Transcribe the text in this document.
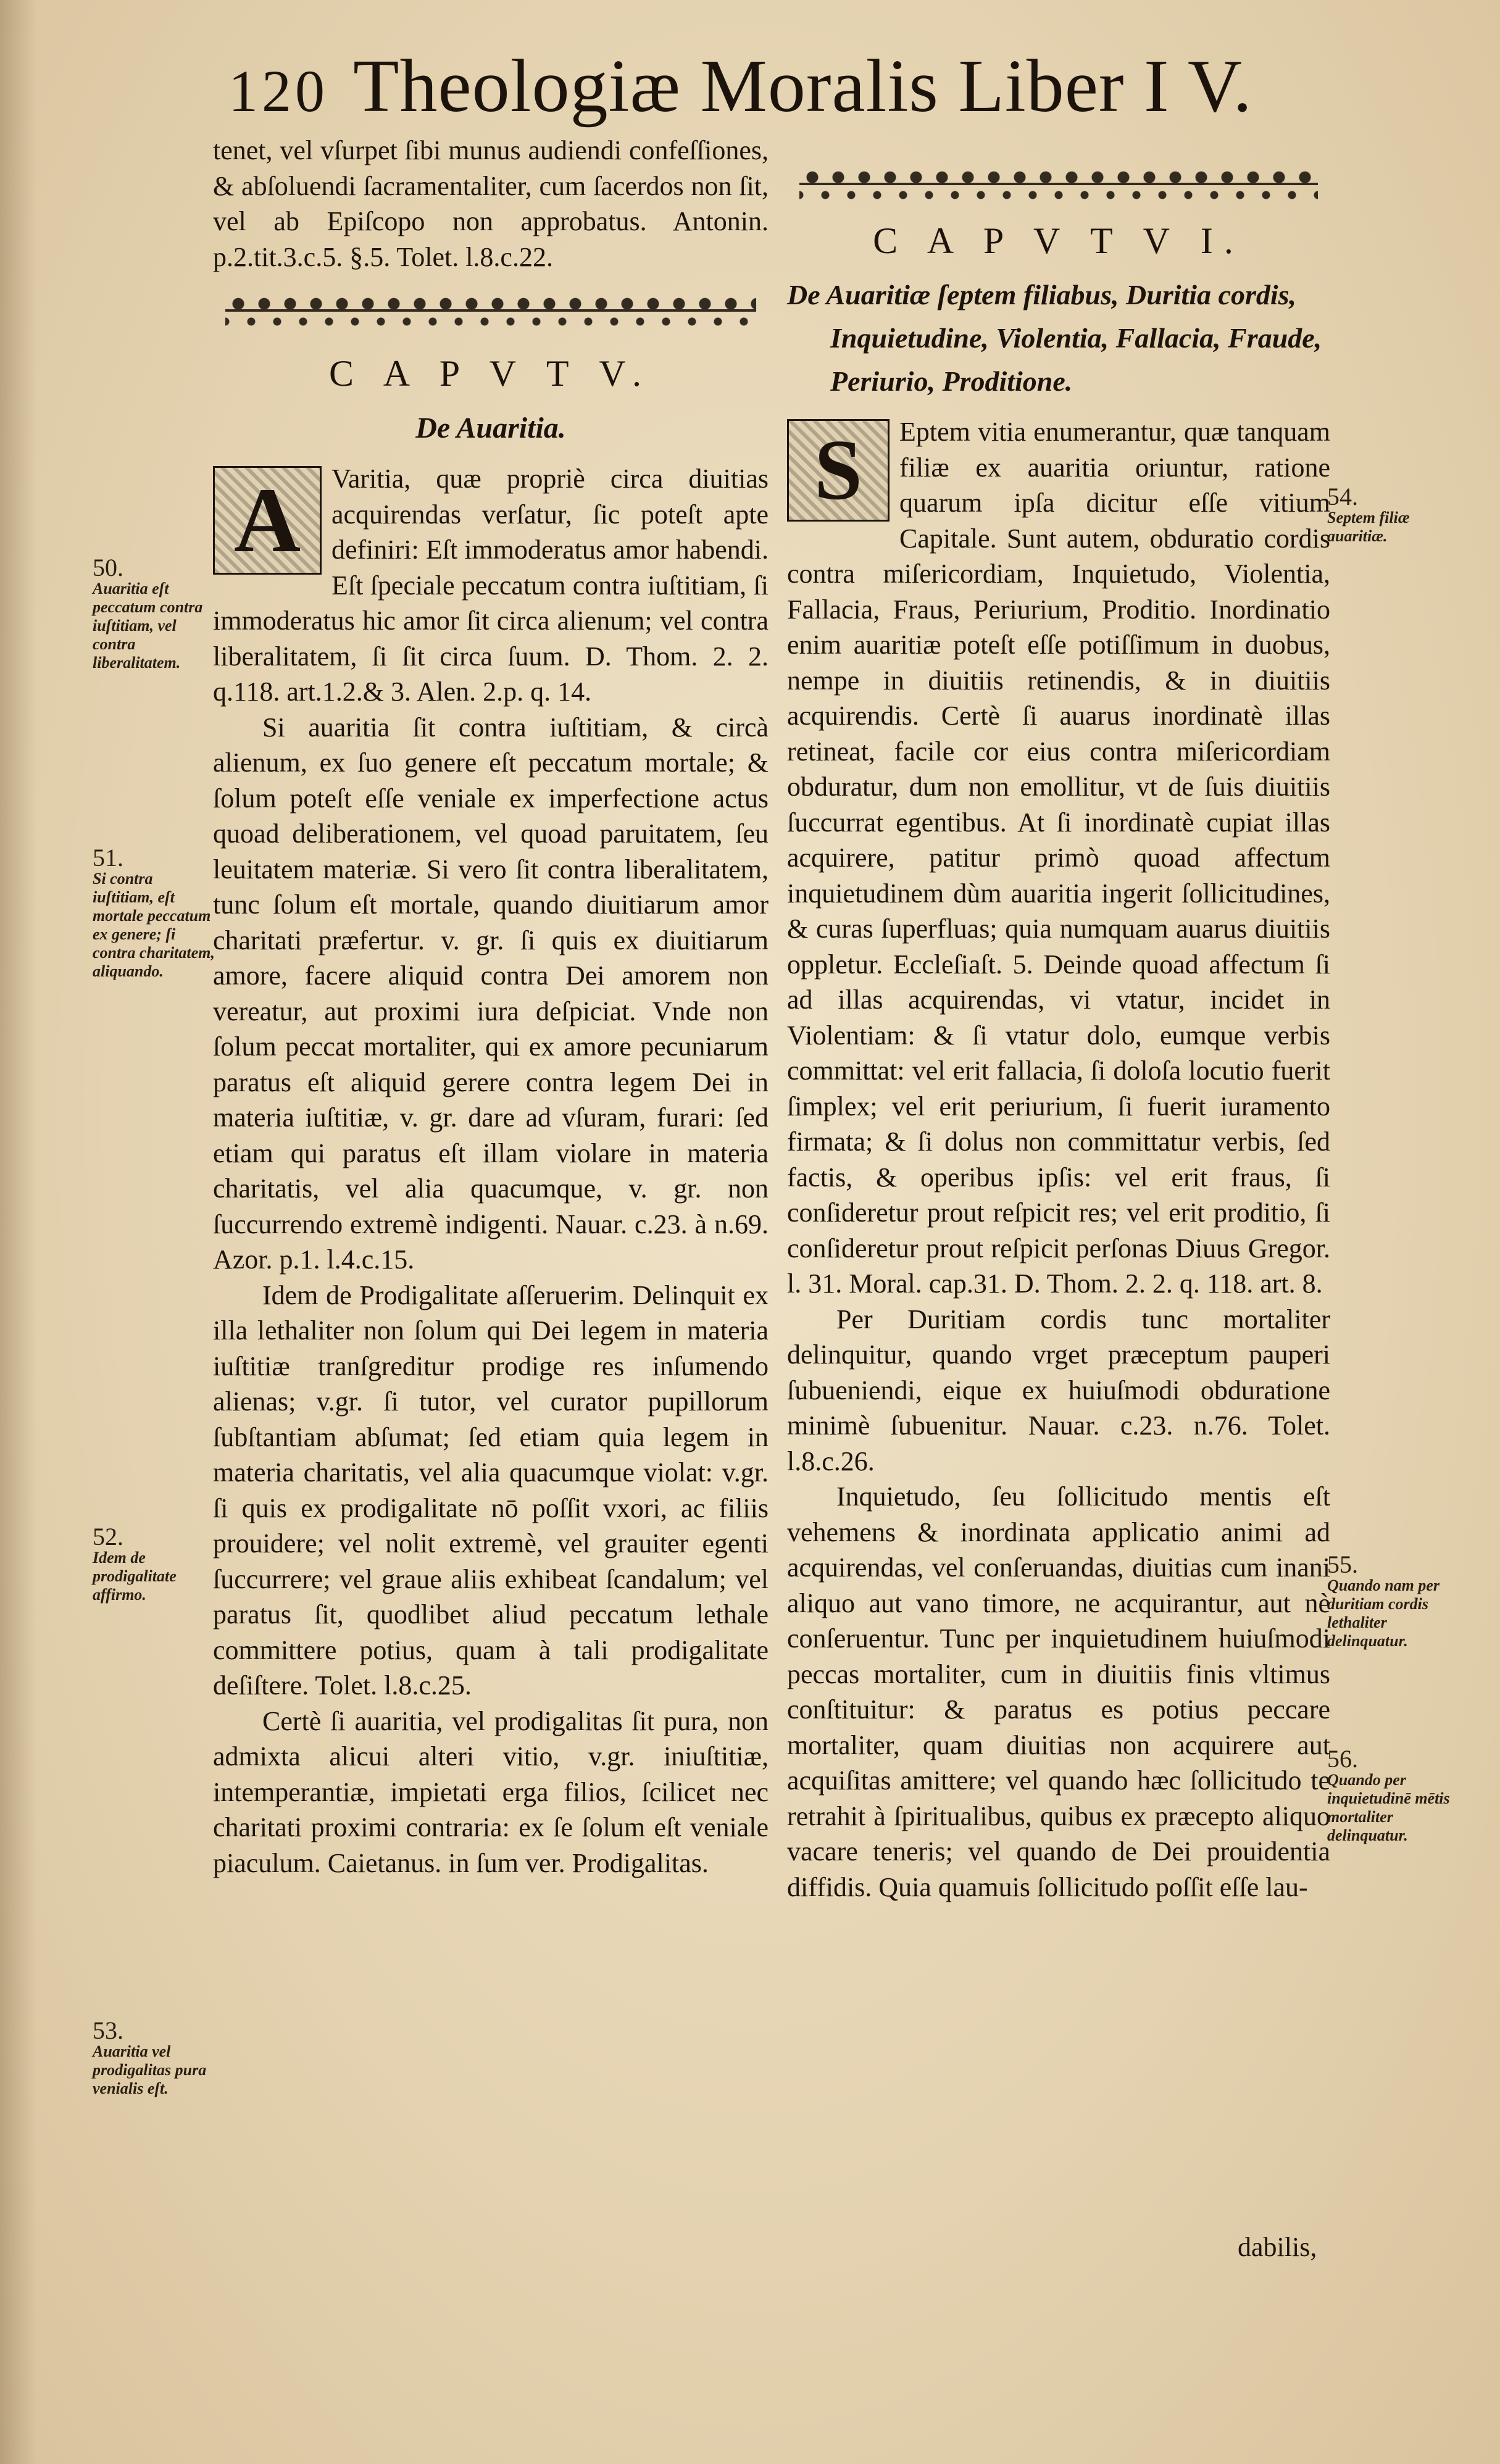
120 Theologiæ Moralis Liber I V.

tenet, vel vſurpet ſibi munus audiendi confeſſiones, & abſoluendi ſacramentaliter, cum ſacerdos non ſit, vel ab Epiſcopo non approbatus. Antonin. p.2.tit.3.c.5. §.5. Tolet. l.8.c.22.

C A P V T V.
De Auaritia.
A	Varitia, quæ propriè circa diuitias acquirendas verſatur, ſic poteſt apte definiri: Eſt immoderatus amor habendi. Eſt ſpeciale peccatum contra iuſtitiam, ſi immoderatus hic amor ſit circa alienum; vel contra liberalitatem, ſi ſit circa ſuum. D. Thom. 2. 2. q.118. art.1.2.& 3. Alen. 2.p. q. 14.

Si auaritia ſit contra iuſtitiam, & circà alienum, ex ſuo genere eſt peccatum mortale; & ſolum poteſt eſſe veniale ex imperfectione actus quoad deliberationem, vel quoad paruitatem, ſeu leuitatem materiæ. Si vero ſit contra liberalitatem, tunc ſolum eſt mortale, quando diuitiarum amor charitati præfertur. v. gr. ſi quis ex diuitiarum amore, facere aliquid contra Dei amorem non vereatur, aut proximi iura deſpiciat. Vnde non ſolum peccat mortaliter, qui ex amore pecuniarum paratus eſt aliquid gerere contra legem Dei in materia iuſtitiæ, v. gr. dare ad vſuram, furari: ſed etiam qui paratus eſt illam violare in materia charitatis, vel alia quacumque, v. gr. non ſuccurrendo extremè indigenti. Nauar. c.23. à n.69. Azor. p.1. l.4.c.15.

Idem de Prodigalitate aſſeruerim. Delinquit ex illa lethaliter non ſolum qui Dei legem in materia iuſtitiæ tranſgreditur prodige res inſumendo alienas; v.gr. ſi tutor, vel curator pupillorum ſubſtantiam abſumat; ſed etiam quia legem in materia charitatis, vel alia quacumque violat: v.gr. ſi quis ex prodigalitate nō poſſit vxori, ac filiis prouidere; vel nolit extremè, vel grauiter egenti ſuccurrere; vel graue aliis exhibeat ſcandalum; vel paratus ſit, quodlibet aliud peccatum lethale committere potius, quam à tali prodigalitate deſiſtere. Tolet. l.8.c.25.

Certè ſi auaritia, vel prodigalitas ſit pura, non admixta alicui alteri vitio, v.gr. iniuſtitiæ, intemperantiæ, impietati erga filios, ſcilicet nec charitati proximi contraria: ex ſe ſolum eſt veniale piaculum. Caietanus. in ſum ver. Prodigalitas.

50.
Auaritia eſt peccatum contra iuſtitiam, vel contra liberalitatem.
51.
Si contra iuſtitiam, eſt mortale peccatum ex genere; ſi contra charitatem, aliquando.
52.
Idem de prodigalitate affirmo.
53.
Auaritia vel prodigalitas pura venialis eſt.
C A P V T V I.
De Auaritiæ ſeptem filiabus, Duritia cordis, Inquietudine, Violentia, Fallacia, Fraude, Periurio, Proditione.
S	Eptem vitia enumerantur, quæ tanquam filiæ ex auaritia oriuntur, ratione quarum ipſa dicitur eſſe vitium Capitale. Sunt autem, obduratio cordis contra miſericordiam, Inquietudo, Violentia, Fallacia, Fraus, Periurium, Proditio. Inordinatio enim auaritiæ poteſt eſſe potiſſimum in duobus, nempe in diuitiis retinendis, & in diuitiis acquirendis. Certè ſi auarus inordinatè illas retineat, facile cor eius contra miſericordiam obduratur, dum non emollitur, vt de ſuis diuitiis ſuccurrat egentibus. At ſi inordinatè cupiat illas acquirere, patitur primò quoad affectum inquietudinem dùm auaritia ingerit ſollicitudines, & curas ſuperfluas; quia numquam auarus diuitiis oppletur. Eccleſiaſt. 5. Deinde quoad affectum ſi ad illas acquirendas, vi vtatur, incidet in Violentiam: & ſi vtatur dolo, eumque verbis committat: vel erit fallacia, ſi doloſa locutio fuerit ſimplex; vel erit periurium, ſi fuerit iuramento firmata; & ſi dolus non committatur verbis, ſed factis, & operibus ipſis: vel erit fraus, ſi conſideretur prout reſpicit res; vel erit proditio, ſi conſideretur prout reſpicit perſonas Diuus Gregor. l. 31. Moral. cap.31. D. Thom. 2. 2. q. 118. art. 8.

Per Duritiam cordis tunc mortaliter delinquitur, quando vrget præceptum pauperi ſubueniendi, eique ex huiuſmodi obduratione minimè ſubuenitur. Nauar. c.23. n.76. Tolet. l.8.c.26.

Inquietudo, ſeu ſollicitudo mentis eſt vehemens & inordinata applicatio animi ad acquirendas, vel conſeruandas, diuitias cum inani aliquo aut vano timore, ne acquirantur, aut nè conſeruentur. Tunc per inquietudinem huiuſmodi peccas mortaliter, cum in diuitiis finis vltimus conſtituitur: & paratus es potius peccare mortaliter, quam diuitias non acquirere aut acquiſitas amittere; vel quando hæc ſollicitudo te retrahit à ſpiritualibus, quibus ex præcepto aliquo vacare teneris; vel quando de Dei prouidentia diffidis. Quia quamuis ſollicitudo poſſit eſſe lau-

54.
Septem filiæ auaritiæ.
55.
Quando nam per duritiam cordis lethaliter delinquatur.
56.
Quando per inquietudinē mētis mortaliter delinquatur.
dabilis,
